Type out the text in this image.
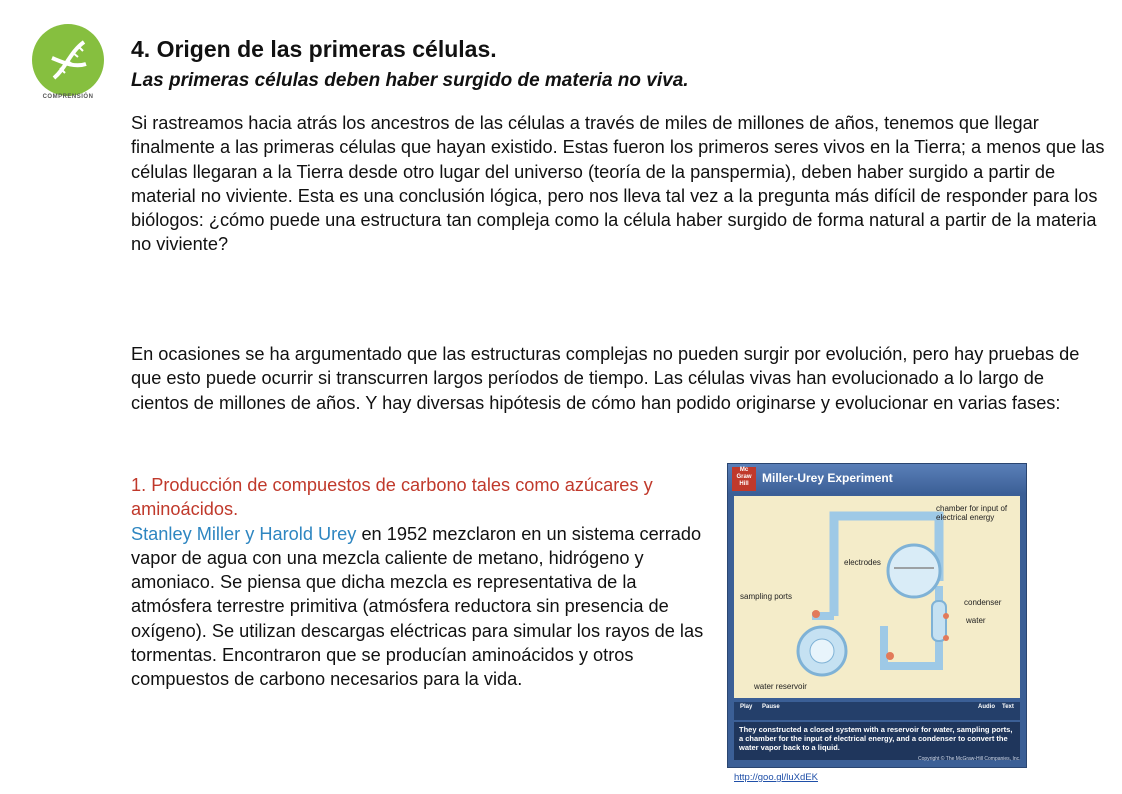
COMPRENSIÓN
4. Origen de las primeras células.
Las primeras células deben haber surgido de materia no viva.

Si rastreamos hacia atrás los ancestros de las células a través de miles de millones de años, tenemos que llegar finalmente a las primeras células que hayan existido. Estas fueron los primeros seres vivos en la Tierra; a menos que las células llegaran a la Tierra desde otro lugar del universo (teoría de la panspermia), deben haber surgido a partir de material no viviente. Esta es una conclusión lógica, pero nos lleva tal vez a la pregunta más difícil de responder para los biólogos: ¿cómo puede una estructura tan compleja como la célula haber surgido de forma natural a partir de la materia no viviente?

En ocasiones se ha argumentado que las estructuras complejas no pueden surgir por evolución, pero hay pruebas de que esto puede ocurrir si transcurren largos períodos de tiempo. Las células vivas han evolucionado a lo largo de cientos de millones de años. Y hay diversas hipótesis de cómo han podido originarse y evolucionar en varias fases:

1. Producción de compuestos de carbono tales como azúcares y aminoácidos.
Stanley Miller y Harold Urey en 1952 mezclaron en un sistema cerrado vapor de agua con una mezcla caliente de metano, hidrógeno y amoniaco. Se piensa que dicha mezcla es representativa de la atmósfera terrestre primitiva (atmósfera reductora sin presencia de oxígeno). Se utilizan descargas eléctricas para simular los rayos de las tormentas. Encontraron que se producían aminoácidos y otros compuestos de carbono necesarios para la vida.

Mc Graw Hill	Miller-Urey Experiment
chamber for input of electrical energy
electrodes
condenser
sampling ports
water
water reservoir
Play Pause	Audio Text
They constructed a closed system with a reservoir for water, sampling ports, a chamber for the input of electrical energy, and a condenser to convert the water vapor back to a liquid.
Copyright © The McGraw-Hill Companies, Inc.
http://goo.gl/luXdEK
